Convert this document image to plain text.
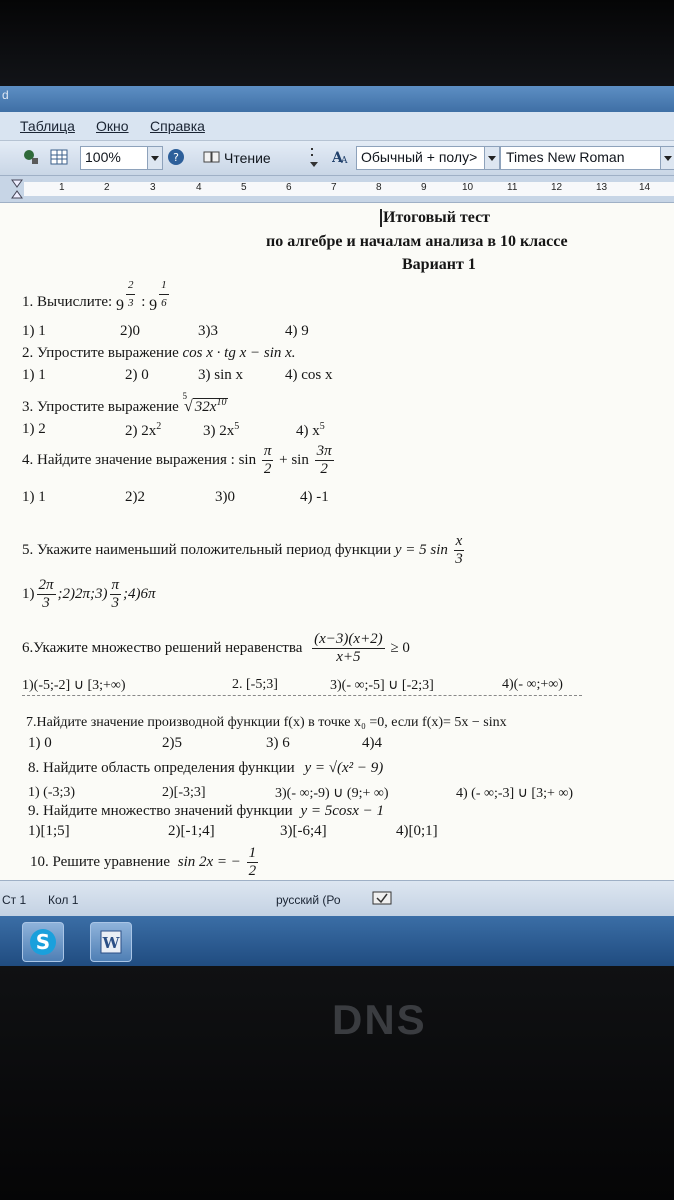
d
Таблица Окно Справка
100%	?	Чтение	A
A Обычный + полу> Times New Roman
1	2	3	4	5	6	7	8	9	10	11	12	13	14
Итоговый тест
по алгебре и началам анализа в 10 классе
Вариант 1
1. Вычислите: $9 \frac{2}{3}$ : $9 \frac{1}{6}$
1) 1	2)0	3)3	4) 9
2. Упростите выражение cos x · tg x − sin x.
1) 1	2) 0	3) sin x	4) cos x
3. Упростите выражение $^5$√ $32x^{10}$
1) 2	2) $2x^2$	3) $2x^5$	4) $x^5$
4. Найдите значение выражения : $\sin \frac{\pi}{2} + \sin \frac{3\pi}{2}$
1) 1	2)2	3)0	4) -1
5. Укажите наименьший положительный период функции y = 5 $\sin \frac{x}{3}$
$1) \frac{2\pi}{3}$ ;2)2π;3) $\frac{\pi}{3}$ ;4)6π
6.Укажите множество решений неравенства $\frac{(x-3)(x+2)}{x+5} \ge 0$
1)(-5;-2] ∪ [3;+∞)	2. [-5;3]	3)(- ∞;-5] ∪ [-2;3]	4)(- ∞;+∞)
7.Найдите значение производной функции f(x) в точке x₀ =0, если f(x)= 5x − sinx
1) 0	2)5	3) 6	4)4
8. Найдите область определения функции y = √(x² − 9)
1) (-3;3)	2)[-3;3]	3)(- ∞;-9) ∪ (9;+ ∞)	4) (- ∞;-3] ∪ [3;+ ∞)
9. Найдите множество значений функции y = 5cosx − 1
1)[1;5]	2)[-1;4]	3)[-6;4]	4)[0;1]
10. Решите уравнение sin 2x = − $\frac{1}{2}$
Ст 1 Кол 1	русский (Ро
S	W
DNS
